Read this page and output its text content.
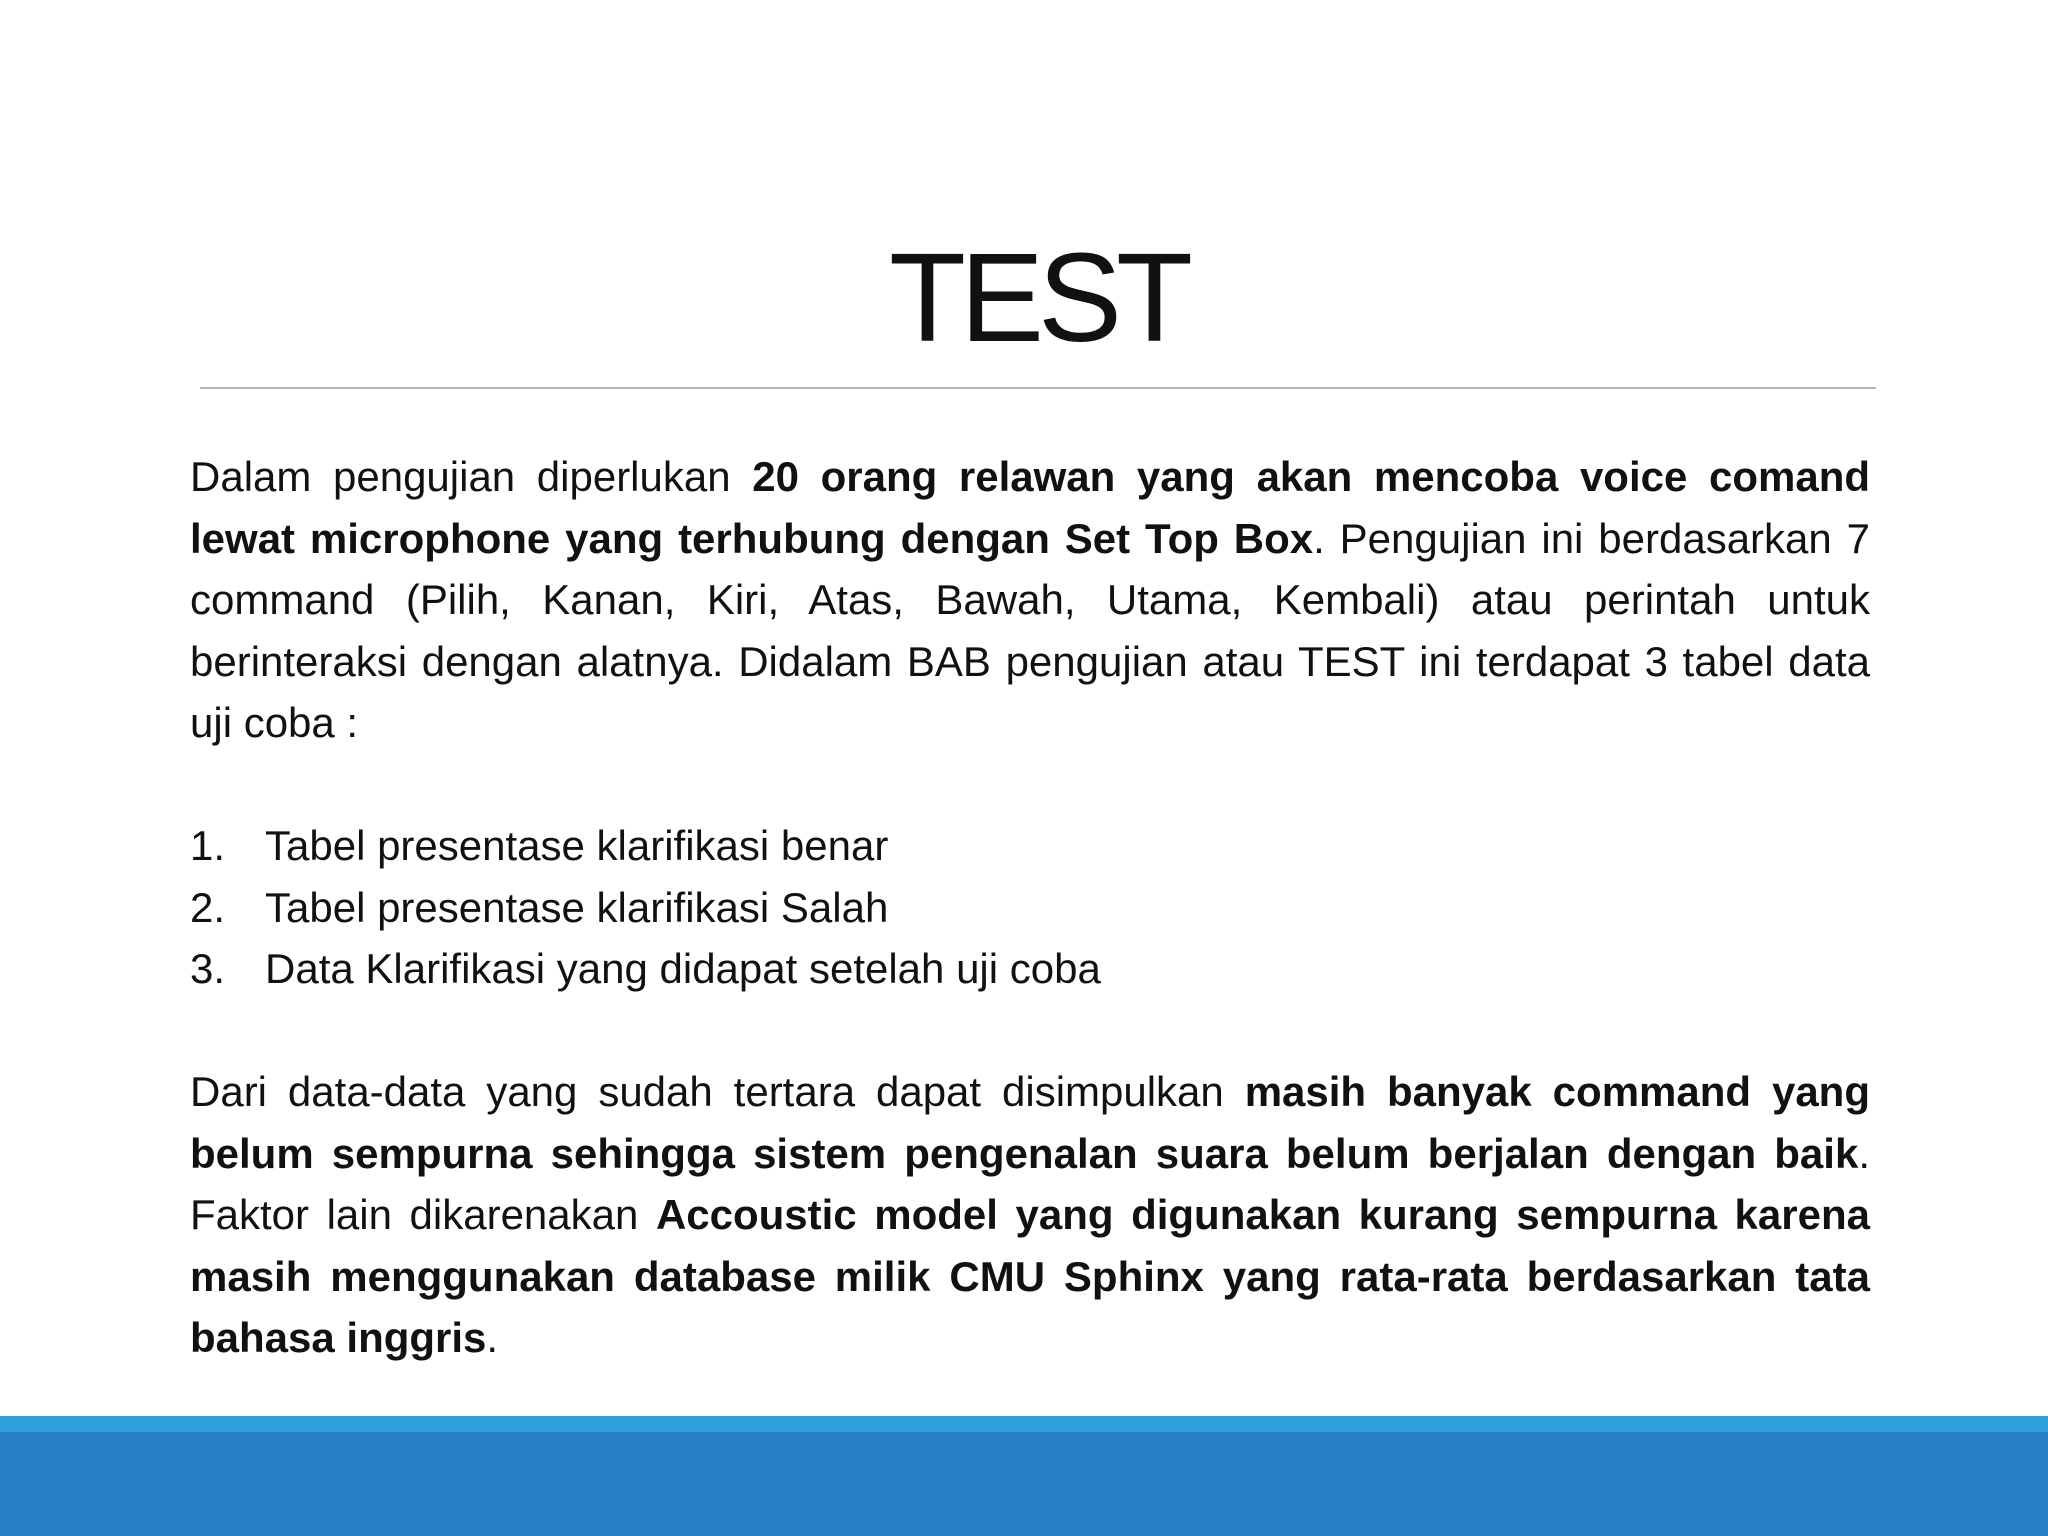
TEST

Dalam pengujian diperlukan 20 orang relawan yang akan mencoba voice comand lewat microphone yang terhubung dengan Set Top Box. Pengujian ini berdasarkan 7 command (Pilih, Kanan, Kiri, Atas, Bawah, Utama, Kembali) atau perintah untuk berinteraksi dengan alatnya. Didalam BAB pengujian atau TEST ini terdapat 3 tabel data uji coba :

1. Tabel presentase klarifikasi benar
2. Tabel presentase klarifikasi Salah
3. Data Klarifikasi yang didapat setelah uji coba

Dari data-data yang sudah tertara dapat disimpulkan masih banyak command yang belum sempurna sehingga sistem pengenalan suara belum berjalan dengan baik. Faktor lain dikarenakan Accoustic model yang digunakan kurang sempurna karena masih menggunakan database milik CMU Sphinx yang rata-rata berdasarkan tata bahasa inggris.
